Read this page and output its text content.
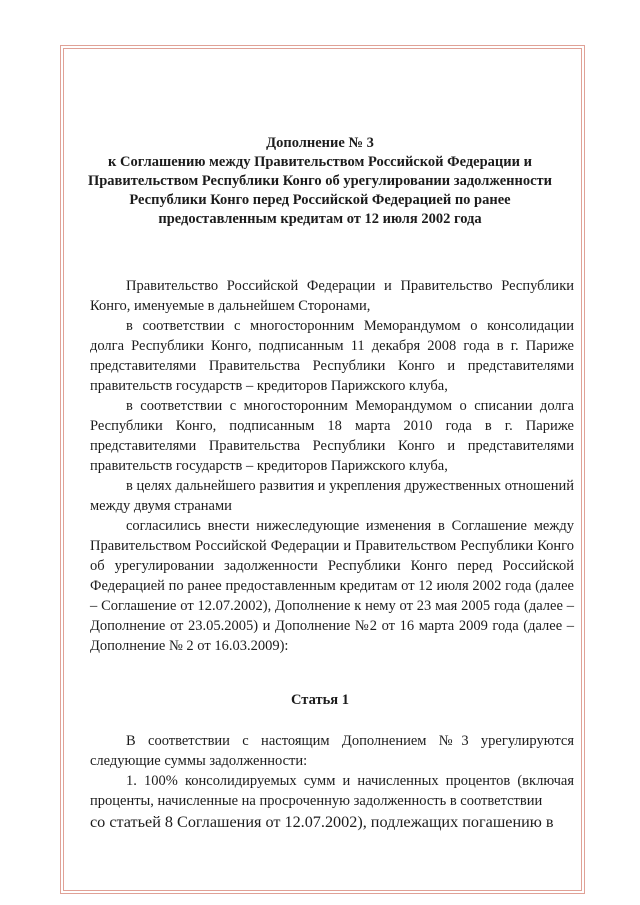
Дополнение № 3
к Соглашению между Правительством Российской Федерации и
Правительством Республики Конго об урегулировании задолженности
Республики Конго перед Российской Федерацией по ранее
предоставленным кредитам от 12 июля 2002 года

Правительство Российской Федерации и Правительство Республики Конго, именуемые в дальнейшем Сторонами,

в соответствии с многосторонним Меморандумом о консолидации долга Республики Конго, подписанным 11 декабря 2008 года в г. Париже представителями Правительства Республики Конго и представителями правительств государств – кредиторов Парижского клуба,

в соответствии с многосторонним Меморандумом о списании долга Республики Конго, подписанным 18 марта 2010 года в г. Париже представителями Правительства Республики Конго и представителями правительств государств – кредиторов Парижского клуба,

в целях дальнейшего развития и укрепления дружественных отношений между двумя странами

согласились внести нижеследующие изменения в Соглашение между Правительством Российской Федерации и Правительством Республики Конго об урегулировании задолженности Республики Конго перед Российской Федерацией по ранее предоставленным кредитам от 12 июля 2002 года (далее – Соглашение от 12.07.2002), Дополнение к нему от 23 мая 2005 года (далее – Дополнение от 23.05.2005) и Дополнение №2 от 16 марта 2009 года (далее – Дополнение № 2 от 16.03.2009):

Статья 1

В соответствии с настоящим Дополнением №3 урегулируются следующие суммы задолженности:

1. 100% консолидируемых сумм и начисленных процентов (включая проценты, начисленные на просроченную задолженность в соответствии

со статьей 8 Соглашения от 12.07.2002), подлежащих погашению в
